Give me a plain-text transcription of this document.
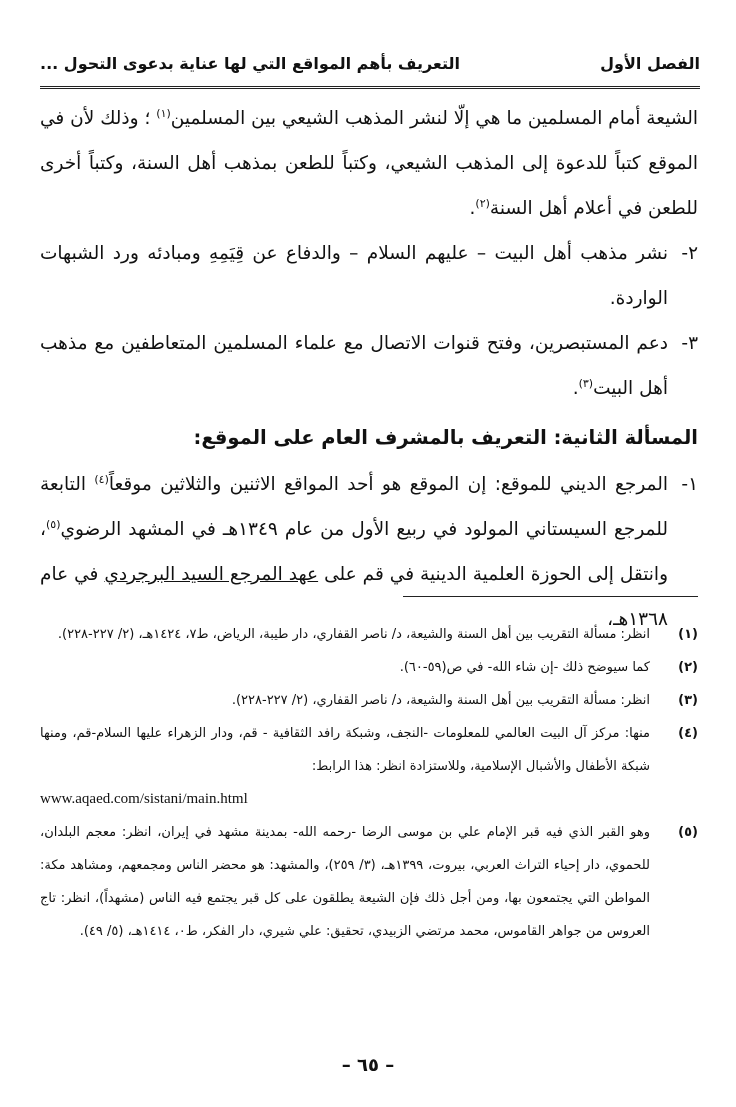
الفصل الأول
التعريف بأهم المواقع التي لها عناية بدعوى التحول ...

الشيعة أمام المسلمين ما هي إلّا لنشر المذهب الشيعي بين المسلمين$^{(١)}$ ؛ وذلك لأن في الموقع كتباً للدعوة إلى المذهب الشيعي، وكتباً للطعن بمذهب أهل السنة، وكتباً أخرى للطعن في أعلام أهل السنة$^{(٢)}$.

٢-
نشر مذهب أهل البيت – عليهم السلام – والدفاع عن قِيَمِهِ ومبادئه ورد الشبهات الواردة.
٣-
دعم المستبصرين، وفتح قنوات الاتصال مع علماء المسلمين المتعاطفين مع مذهب أهل البيت$^{(٣)}$.
المسألة الثانية: التعريف بالمشرف العام على الموقع:
١-
المرجع الديني للموقع: إن الموقع هو أحد المواقع الاثنين والثلاثين موقعاً$^{(٤)}$ التابعة للمرجع السيستاني المولود في ربيع الأول من عام ١٣٤٩هـ في المشهد الرضوي$^{(٥)}$، وانتقل إلى الحوزة العلمية الدينية في قم على عهد المرجع السيد البرجردي في عام ١٣٦٨هـ،
(١)
انظر: مسألة التقريب بين أهل السنة والشيعة، د/ ناصر القفاري، دار طيبة، الرياض، ط٧، ١٤٢٤هـ، (٢/ ٢٢٧-٢٢٨).
(٢)
كما سيوضح ذلك -إن شاء الله- في ص(٥٩-٦٠).
(٣)
انظر: مسألة التقريب بين أهل السنة والشيعة، د/ ناصر القفاري، (٢/ ٢٢٧-٢٢٨).
(٤)
منها: مركز آل البيت العالمي للمعلومات -النجف، وشبكة رافد الثقافية - قم، ودار الزهراء عليها السلام-قم، ومنها شبكة الأطفال والأشبال الإسلامية، وللاستزادة انظر: هذا الرابط:
www.aqaed.com/sistani/main.html
(٥)
وهو القبر الذي فيه قبر الإمام علي بن موسى الرضا -رحمه الله- بمدينة مشهد في إيران، انظر: معجم البلدان، للحموي، دار إحياء التراث العربي، بيروت، ١٣٩٩هـ، (٣/ ٢٥٩)، والمشهد: هو محضر الناس ومجمعهم، ومشاهد مكة: المواطن التي يجتمعون بها، ومن أجل ذلك فإن الشيعة يطلقون على كل قبر يجتمع فيه الناس (مشهداً)، انظر: تاج العروس من جواهر القاموس، محمد مرتضي الزبيدي، تحقيق: علي شيري، دار الفكر، ط٠، ١٤١٤هـ، (٥/ ٤٩).
– ٦٥ –
